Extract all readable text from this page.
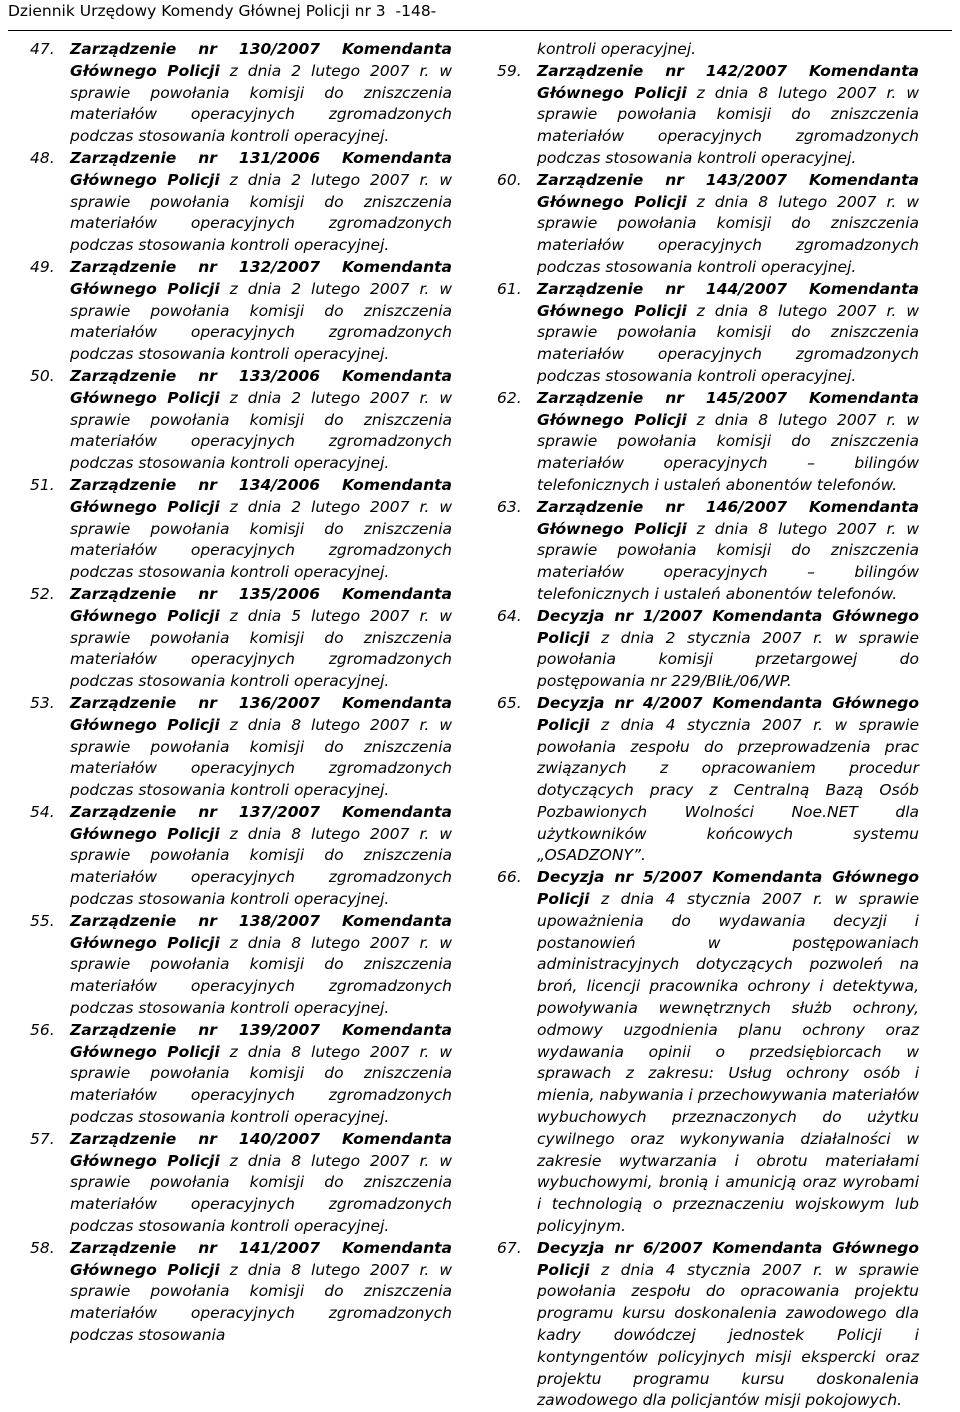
Dziennik Urzędowy Komendy Głównej Policji nr 3 -148-
47. Zarządzenie nr 130/2007 Komendanta Głównego Policji z dnia 2 lutego 2007 r. w sprawie powołania komisji do zniszczenia materiałów operacyjnych zgromadzonych podczas stosowania kontroli operacyjnej.
48. Zarządzenie nr 131/2006 Komendanta Głównego Policji z dnia 2 lutego 2007 r. w sprawie powołania komisji do zniszczenia materiałów operacyjnych zgromadzonych podczas stosowania kontroli operacyjnej.
49. Zarządzenie nr 132/2007 Komendanta Głównego Policji z dnia 2 lutego 2007 r. w sprawie powołania komisji do zniszczenia materiałów operacyjnych zgromadzonych podczas stosowania kontroli operacyjnej.
50. Zarządzenie nr 133/2006 Komendanta Głównego Policji z dnia 2 lutego 2007 r. w sprawie powołania komisji do zniszczenia materiałów operacyjnych zgromadzonych podczas stosowania kontroli operacyjnej.
51. Zarządzenie nr 134/2006 Komendanta Głównego Policji z dnia 2 lutego 2007 r. w sprawie powołania komisji do zniszczenia materiałów operacyjnych zgromadzonych podczas stosowania kontroli operacyjnej.
52. Zarządzenie nr 135/2006 Komendanta Głównego Policji z dnia 5 lutego 2007 r. w sprawie powołania komisji do zniszczenia materiałów operacyjnych zgromadzonych podczas stosowania kontroli operacyjnej.
53. Zarządzenie nr 136/2007 Komendanta Głównego Policji z dnia 8 lutego 2007 r. w sprawie powołania komisji do zniszczenia materiałów operacyjnych zgromadzonych podczas stosowania kontroli operacyjnej.
54. Zarządzenie nr 137/2007 Komendanta Głównego Policji z dnia 8 lutego 2007 r. w sprawie powołania komisji do zniszczenia materiałów operacyjnych zgromadzonych podczas stosowania kontroli operacyjnej.
55. Zarządzenie nr 138/2007 Komendanta Głównego Policji z dnia 8 lutego 2007 r. w sprawie powołania komisji do zniszczenia materiałów operacyjnych zgromadzonych podczas stosowania kontroli operacyjnej.
56. Zarządzenie nr 139/2007 Komendanta Głównego Policji z dnia 8 lutego 2007 r. w sprawie powołania komisji do zniszczenia materiałów operacyjnych zgromadzonych podczas stosowania kontroli operacyjnej.
57. Zarządzenie nr 140/2007 Komendanta Głównego Policji z dnia 8 lutego 2007 r. w sprawie powołania komisji do zniszczenia materiałów operacyjnych zgromadzonych podczas stosowania kontroli operacyjnej.
58. Zarządzenie nr 141/2007 Komendanta Głównego Policji z dnia 8 lutego 2007 r. w sprawie powołania komisji do zniszczenia materiałów operacyjnych zgromadzonych podczas stosowania
kontroli operacyjnej.
59. Zarządzenie nr 142/2007 Komendanta Głównego Policji z dnia 8 lutego 2007 r. w sprawie powołania komisji do zniszczenia materiałów operacyjnych zgromadzonych podczas stosowania kontroli operacyjnej.
60. Zarządzenie nr 143/2007 Komendanta Głównego Policji z dnia 8 lutego 2007 r. w sprawie powołania komisji do zniszczenia materiałów operacyjnych zgromadzonych podczas stosowania kontroli operacyjnej.
61. Zarządzenie nr 144/2007 Komendanta Głównego Policji z dnia 8 lutego 2007 r. w sprawie powołania komisji do zniszczenia materiałów operacyjnych zgromadzonych podczas stosowania kontroli operacyjnej.
62. Zarządzenie nr 145/2007 Komendanta Głównego Policji z dnia 8 lutego 2007 r. w sprawie powołania komisji do zniszczenia materiałów operacyjnych – bilingów telefonicznych i ustaleń abonentów telefonów.
63. Zarządzenie nr 146/2007 Komendanta Głównego Policji z dnia 8 lutego 2007 r. w sprawie powołania komisji do zniszczenia materiałów operacyjnych – bilingów telefonicznych i ustaleń abonentów telefonów.
64. Decyzja nr 1/2007 Komendanta Głównego Policji z dnia 2 stycznia 2007 r. w sprawie powołania komisji przetargowej do postępowania nr 229/BIiŁ/06/WP.
65. Decyzja nr 4/2007 Komendanta Głównego Policji z dnia 4 stycznia 2007 r. w sprawie powołania zespołu do przeprowadzenia prac związanych z opracowaniem procedur dotyczących pracy z Centralną Bazą Osób Pozbawionych Wolności Noe.NET dla użytkowników końcowych systemu „OSADZONY”.
66. Decyzja nr 5/2007 Komendanta Głównego Policji z dnia 4 stycznia 2007 r. w sprawie upoważnienia do wydawania decyzji i postanowień w postępowaniach administracyjnych dotyczących pozwoleń na broń, licencji pracownika ochrony i detektywa, powoływania wewnętrznych służb ochrony, odmowy uzgodnienia planu ochrony oraz wydawania opinii o przedsiębiorcach w sprawach z zakresu: Usług ochrony osób i mienia, nabywania i przechowywania materiałów wybuchowych przeznaczonych do użytku cywilnego oraz wykonywania działalności w zakresie wytwarzania i obrotu materiałami wybuchowymi, bronią i amunicją oraz wyrobami i technologią o przeznaczeniu wojskowym lub policyjnym.
67. Decyzja nr 6/2007 Komendanta Głównego Policji z dnia 4 stycznia 2007 r. w sprawie powołania zespołu do opracowania projektu programu kursu doskonalenia zawodowego dla kadry dowódczej jednostek Policji i kontyngentów policyjnych misji ekspercki oraz projektu programu kursu doskonalenia zawodowego dla policjantów misji pokojowych.
